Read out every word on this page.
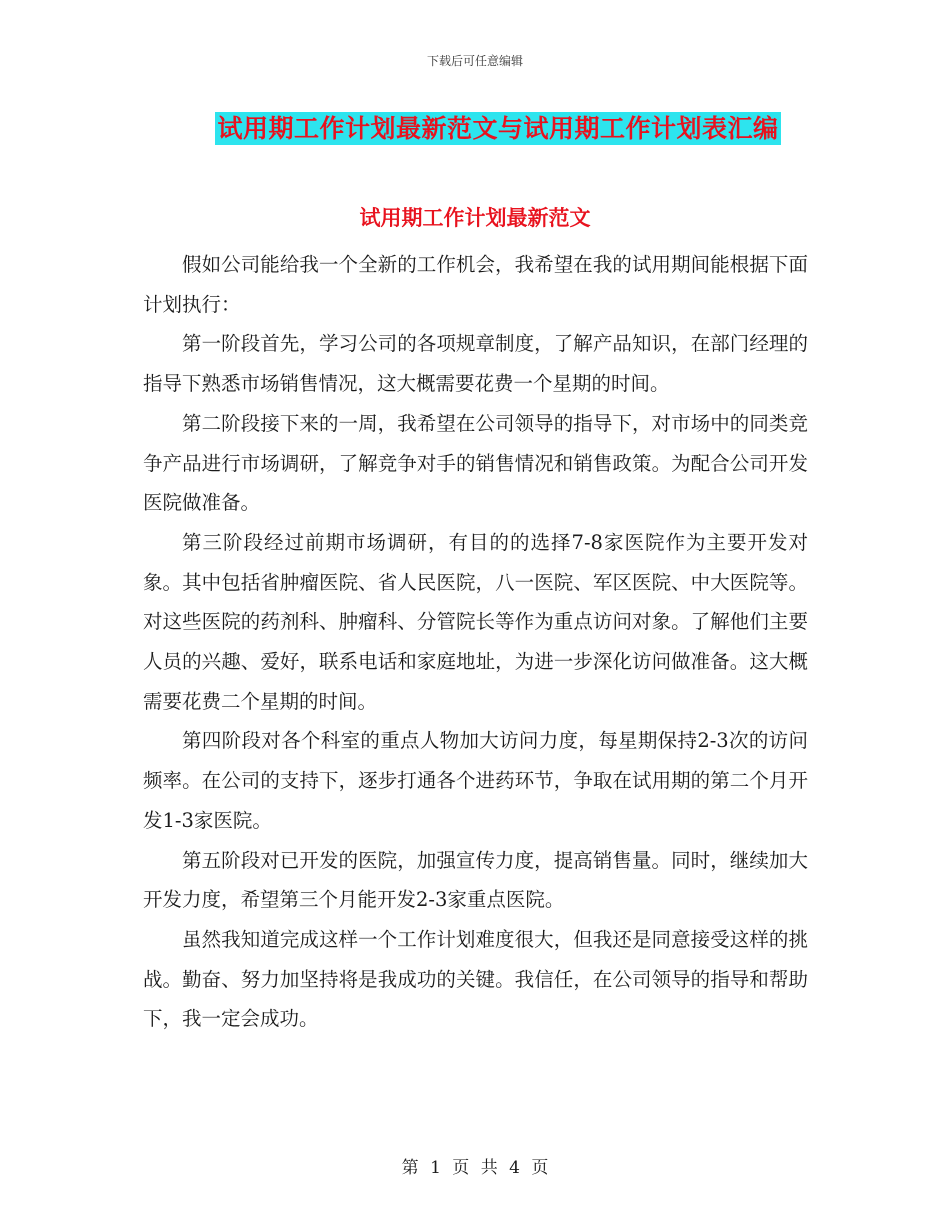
下载后可任意编辑
试用期工作计划最新范文与试用期工作计划表汇编
试用期工作计划最新范文

假如公司能给我一个全新的工作机会，我希望在我的试用期间能根据下面计划执行：

第一阶段首先，学习公司的各项规章制度，了解产品知识，在部门经理的指导下熟悉市场销售情况，这大概需要花费一个星期的时间。

第二阶段接下来的一周，我希望在公司领导的指导下，对市场中的同类竞争产品进行市场调研，了解竞争对手的销售情况和销售政策。为配合公司开发医院做准备。

第三阶段经过前期市场调研，有目的的选择7-8家医院作为主要开发对象。其中包括省肿瘤医院、省人民医院，八一医院、军区医院、中大医院等。对这些医院的药剂科、肿瘤科、分管院长等作为重点访问对象。了解他们主要人员的兴趣、爱好，联系电话和家庭地址，为进一步深化访问做准备。这大概需要花费二个星期的时间。

第四阶段对各个科室的重点人物加大访问力度，每星期保持2-3次的访问频率。在公司的支持下，逐步打通各个进药环节，争取在试用期的第二个月开发1-3家医院。

第五阶段对已开发的医院，加强宣传力度，提高销售量。同时，继续加大开发力度，希望第三个月能开发2-3家重点医院。

虽然我知道完成这样一个工作计划难度很大，但我还是同意接受这样的挑战。勤奋、努力加坚持将是我成功的关键。我信任，在公司领导的指导和帮助下，我一定会成功。

第 1 页 共 4 页
